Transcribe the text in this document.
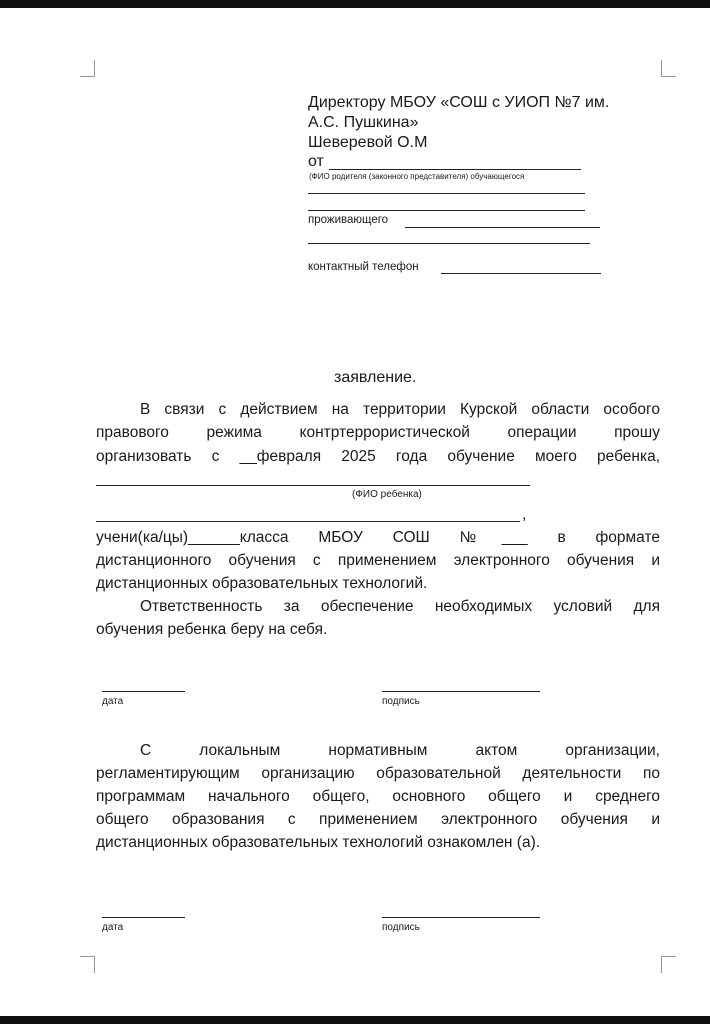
Директору МБОУ «СОШ с УИОП №7 им.
А.С. Пушкина»
Шеверевой О.М
от
(ФИО родителя (законного представителя) обучающегося
проживающего
контактный телефон
заявление.
В связи с действием на территории Курской области особого
правового режима контртеррористической операции прошу
организовать с __февраля 2025 года обучение моего ребенка,
(ФИО ребенка)
,
учени(ка/цы)______класса МБОУ СОШ №___ в формате
дистанционного обучения с применением электронного обучения и
дистанционных образовательных технологий.
Ответственность за обеспечение необходимых условий для
обучения ребенка беру на себя.
дата	подпись
С локальным нормативным актом организации,
регламентирующим организацию образовательной деятельности по
программам начального общего, основного общего и среднего
общего образования с применением электронного обучения и
дистанционных образовательных технологий ознакомлен (а).
дата	подпись
